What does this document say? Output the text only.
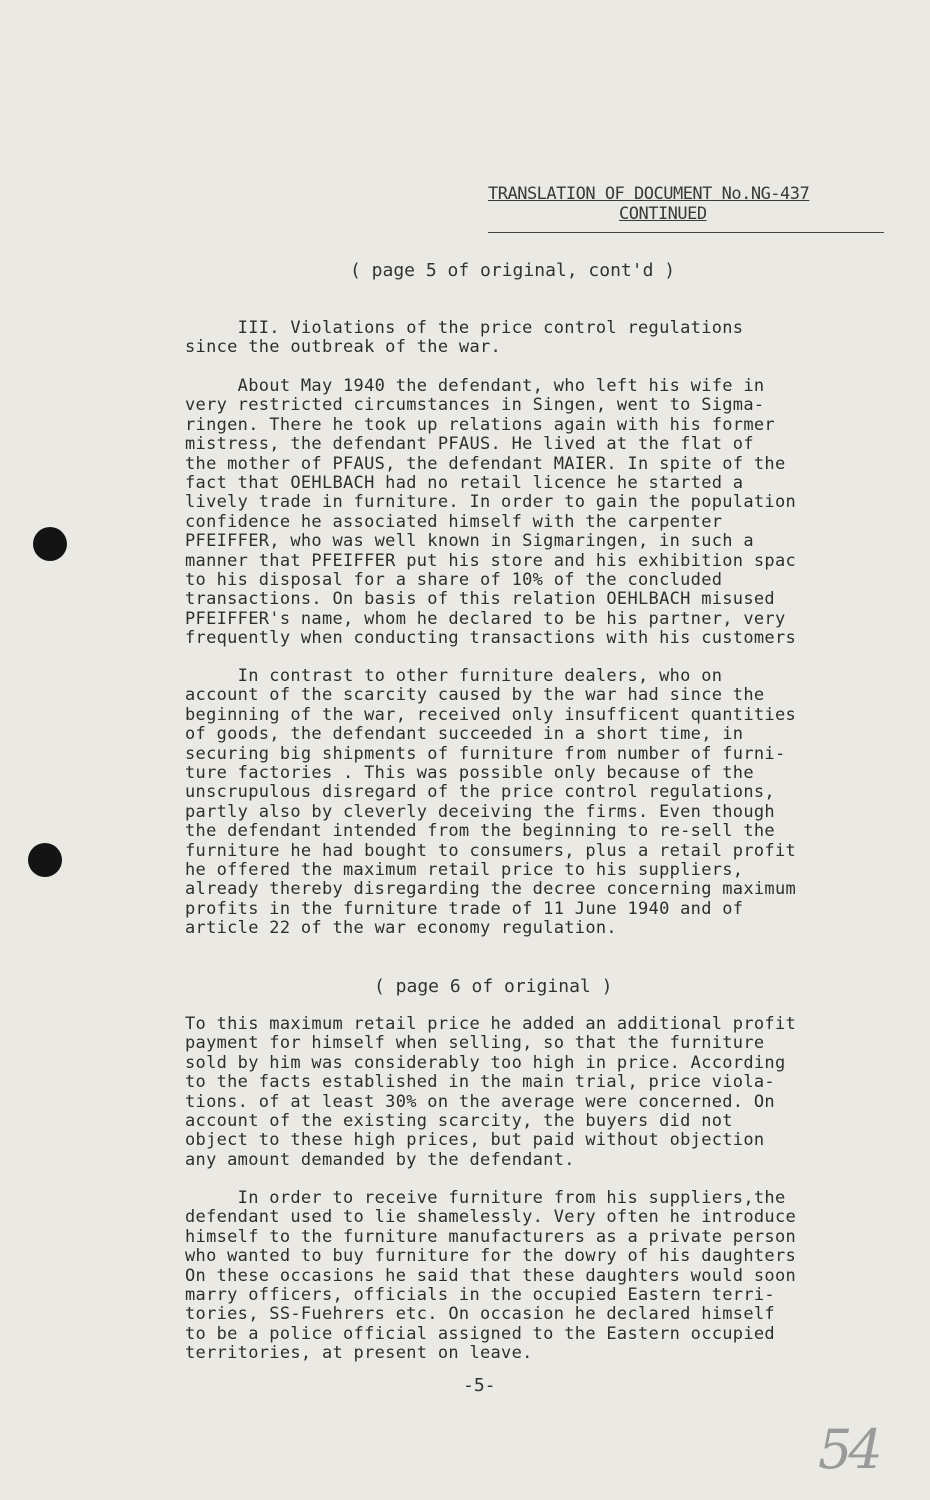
TRANSLATION OF DOCUMENT No.NG-437
CONTINUED
( page 5 of original, cont'd )
III. Violations of the price control regulations
since the outbreak of the war.
About May 1940 the defendant, who left his wife in
very restricted circumstances in Singen, went to Sigma-
ringen. There he took up relations again with his former
mistress, the defendant PFAUS. He lived at the flat of
the mother of PFAUS, the defendant MAIER. In spite of the
fact that OEHLBACH had no retail licence he started a
lively trade in furniture. In order to gain the population
confidence he associated himself with the carpenter
PFEIFFER, who was well known in Sigmaringen, in such a
manner that PFEIFFER put his store and his exhibition spac
to his disposal for a share of 10% of the concluded
transactions. On basis of this relation OEHLBACH misused
PFEIFFER's name, whom he declared to be his partner, very
frequently when conducting transactions with his customers
In contrast to other furniture dealers, who on
account of the scarcity caused by the war had since the
beginning of the war, received only insufficent quantities
of goods, the defendant succeeded in a short time, in
securing big shipments of furniture from number of furni-
ture factories . This was possible only because of the
unscrupulous disregard of the price control regulations,
partly also by cleverly deceiving the firms. Even though
the defendant intended from the beginning to re-sell the
furniture he had bought to consumers, plus a retail profit
he offered the maximum retail price to his suppliers,
already thereby disregarding the decree concerning maximum
profits in the furniture trade of 11 June 1940 and of
article 22 of the war economy regulation.
( page 6 of original )
To this maximum retail price he added an additional profit
payment for himself when selling, so that the furniture
sold by him was considerably too high in price. According
to the facts established in the main trial, price viola-
tions. of at least 30% on the average were concerned. On
account of the existing scarcity, the buyers did not
object to these high prices, but paid without objection
any amount demanded by the defendant.
In order to receive furniture from his suppliers,the
defendant used to lie shamelessly. Very often he introduce
himself to the furniture manufacturers as a private person
who wanted to buy furniture for the dowry of his daughters
On these occasions he said that these daughters would soon
marry officers, officials in the occupied Eastern terri-
tories, SS-Fuehrers etc. On occasion he declared himself
to be a police official assigned to the Eastern occupied
territories, at present on leave.
-5-
54
